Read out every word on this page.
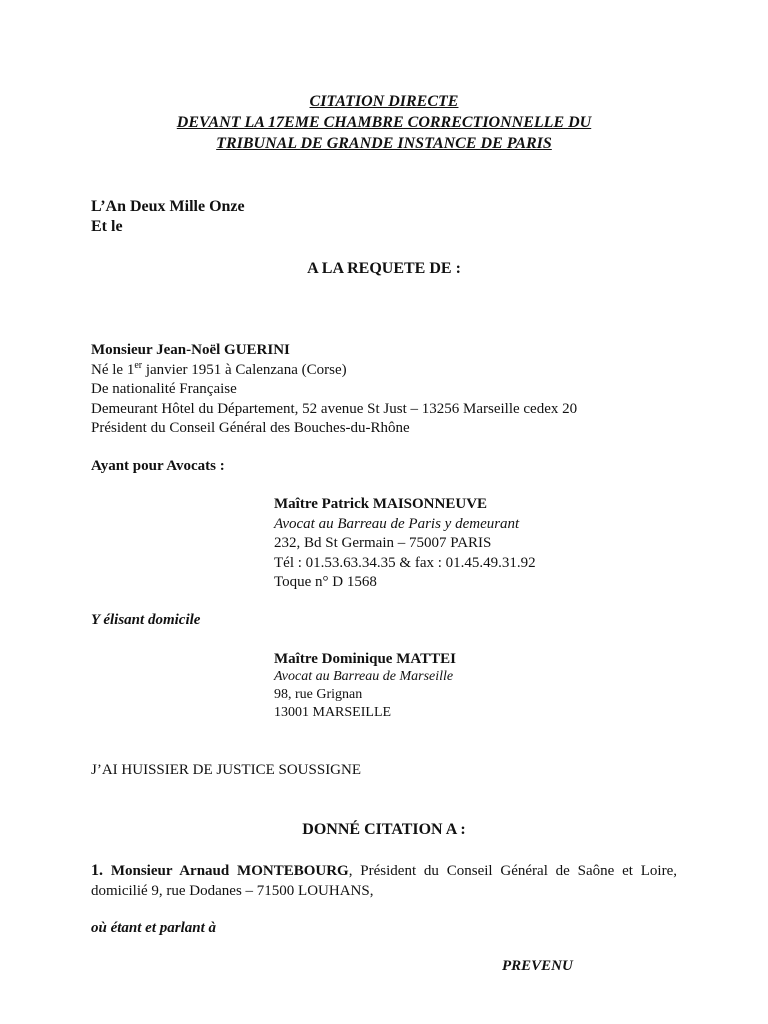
CITATION DIRECTE
DEVANT LA 17EME CHAMBRE CORRECTIONNELLE DU
TRIBUNAL DE GRANDE INSTANCE DE PARIS
L’An Deux Mille Onze
Et le
A LA REQUETE DE :
Monsieur Jean-Noël GUERINI
Né le 1er janvier 1951 à Calenzana (Corse)
De nationalité Française
Demeurant Hôtel du Département, 52 avenue St Just – 13256 Marseille cedex 20
Président du Conseil Général des Bouches-du-Rhône
Ayant pour Avocats :
Maître Patrick MAISONNEUVE
Avocat au Barreau de Paris y demeurant
232, Bd St Germain – 75007 PARIS
Tél : 01.53.63.34.35 & fax : 01.45.49.31.92
Toque n° D 1568
Y élisant domicile
Maître Dominique MATTEI
Avocat au Barreau de Marseille
98, rue Grignan
13001 MARSEILLE
J’AI HUISSIER DE JUSTICE SOUSSIGNE
DONNÉ CITATION A :
1. Monsieur Arnaud MONTEBOURG, Président du Conseil Général de Saône et Loire, domicilié 9, rue Dodanes – 71500 LOUHANS,
où étant et parlant à
PREVENU
